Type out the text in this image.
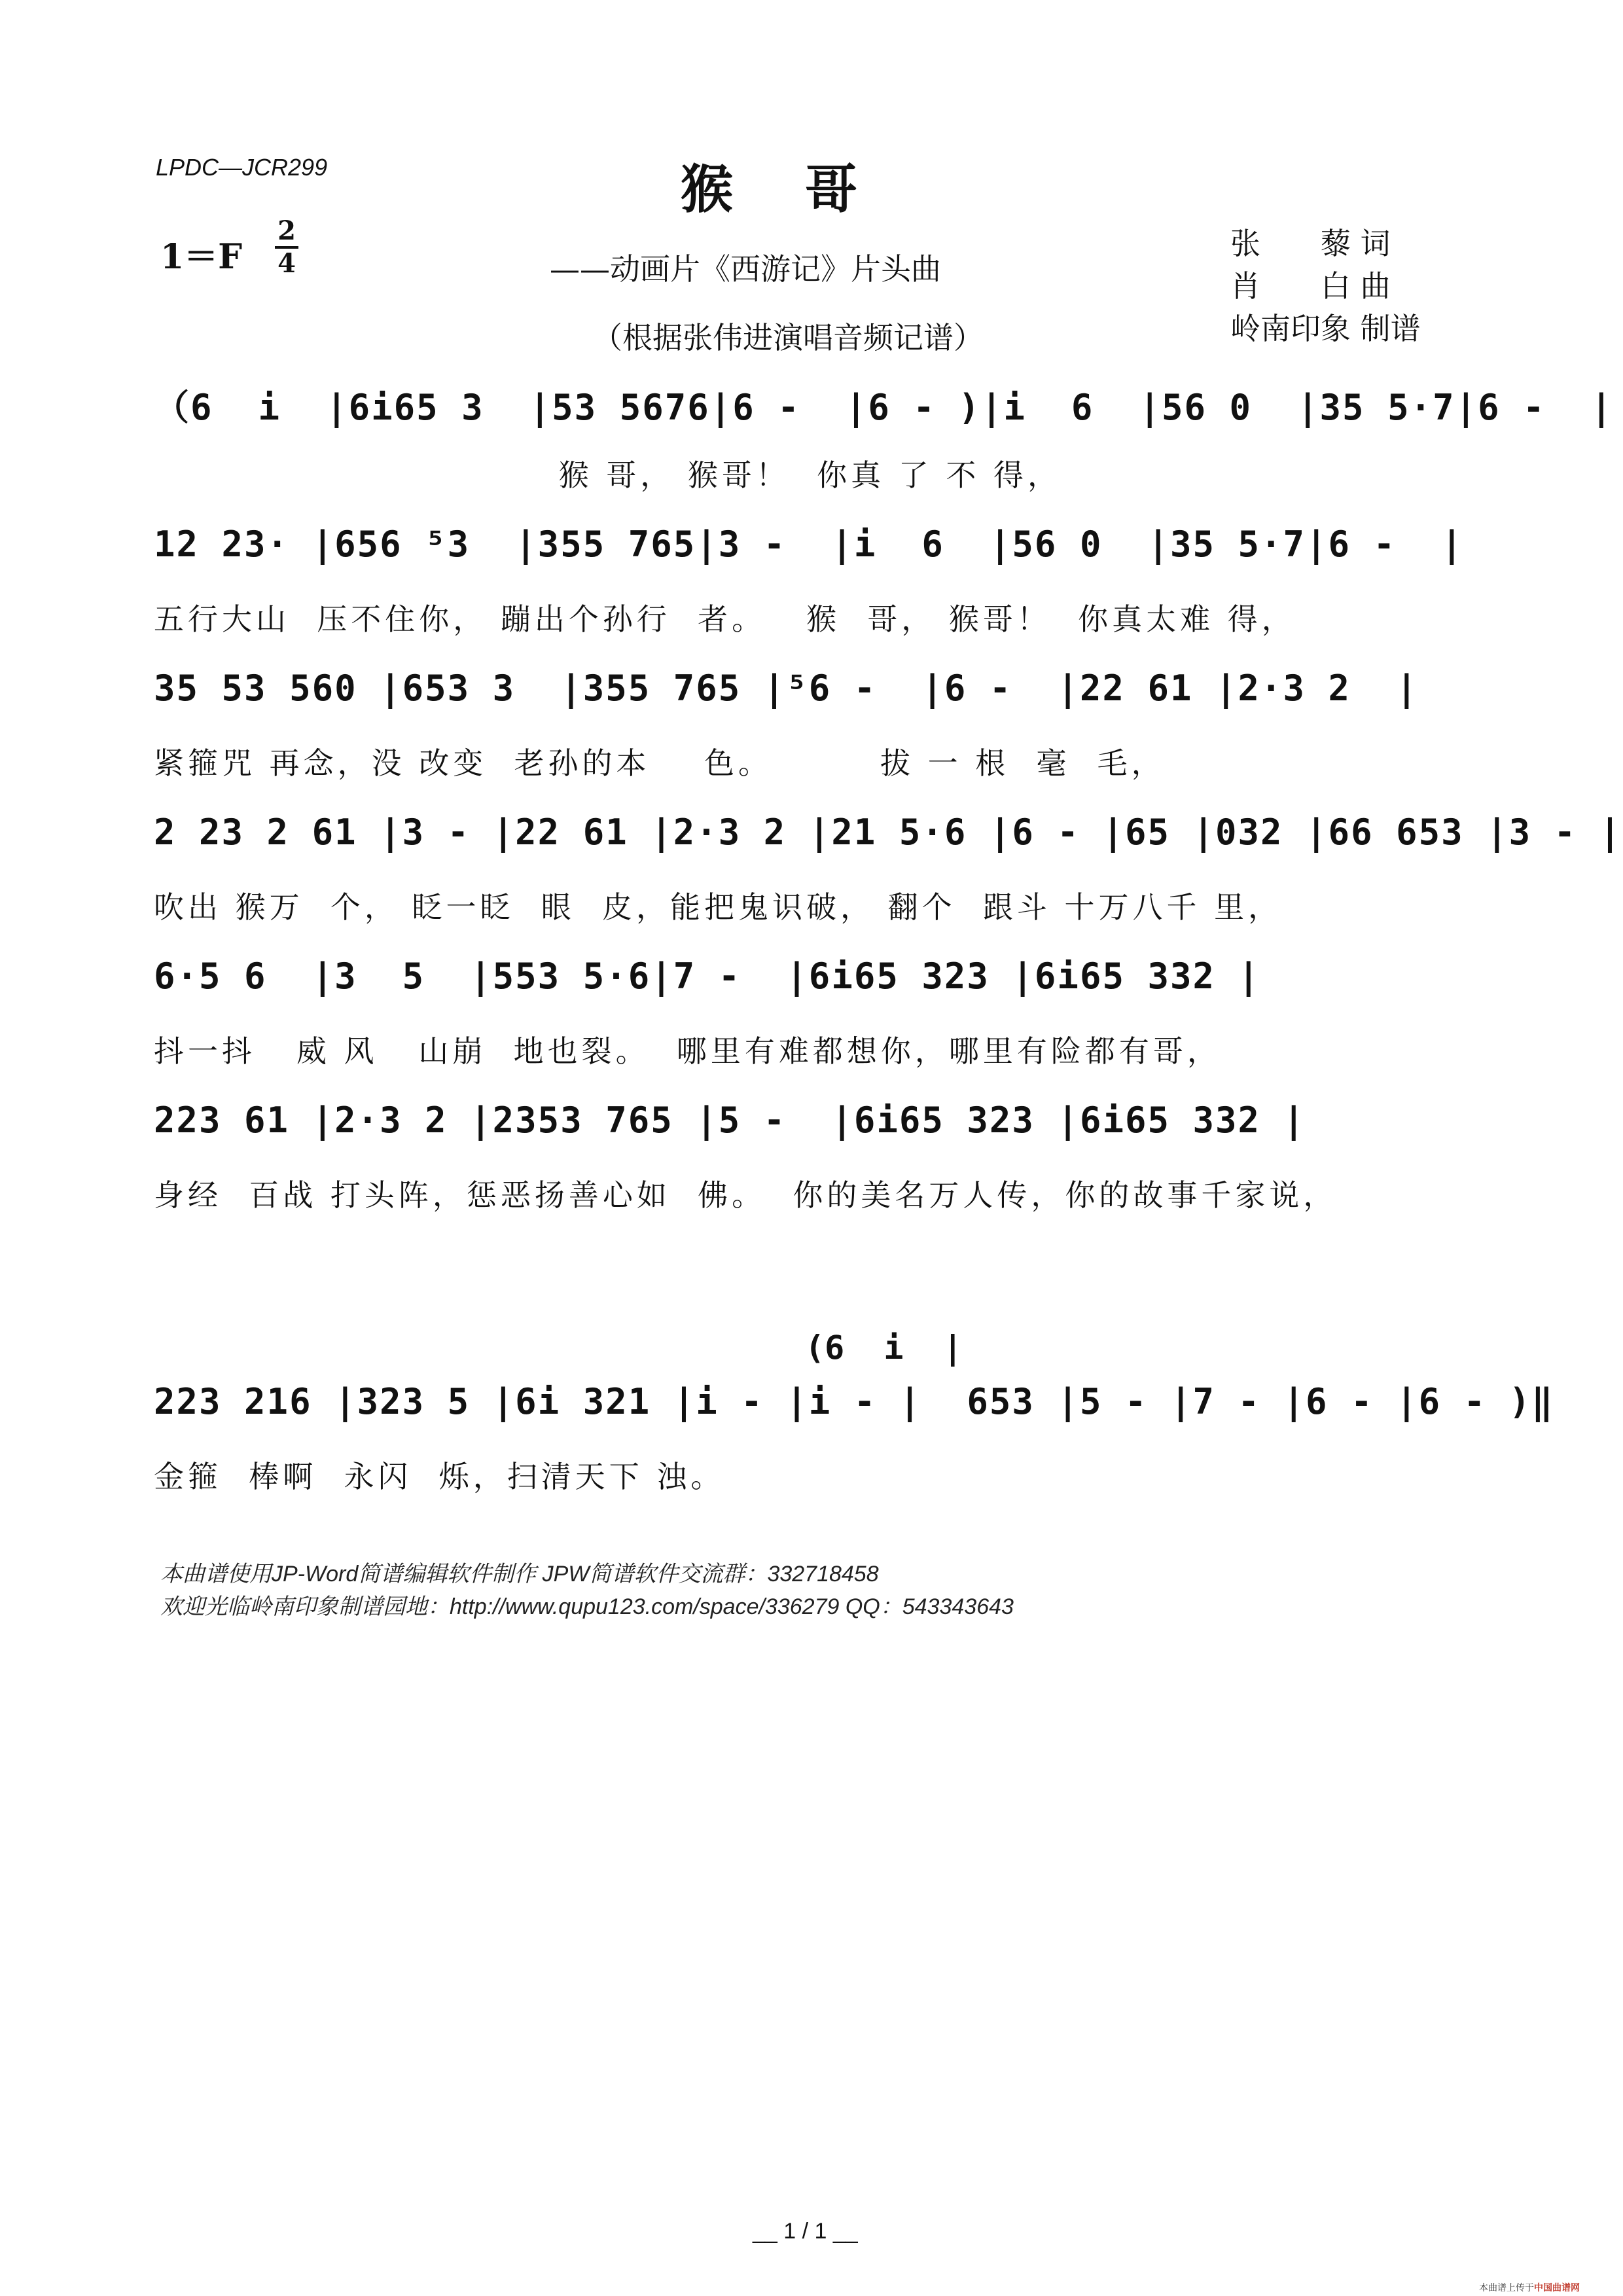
LPDC—JCR299	猴哥
1＝F
2
4	——动画片《西游记》片头曲
（根据张伟进演唱音频记谱）
张　　藜 词
肖　　白 曲
岭南印象 制谱
（6  i  |6i65 3  |53 5676|6 -  |6 - )|i  6  |56 0  |35 5·7|6 -  |
猴 哥， 猴哥！  你真 了 不 得，
12 23· |656 ⁵3  |355 765|3 -  |i  6  |56 0  |35 5·7|6 -  |
五行大山  压不住你， 蹦出个孙行  者。   猴  哥， 猴哥！  你真太难 得，
35 53 560 |653 3  |355 765 |⁵6 -  |6 -  |22 61 |2·3 2  |
紧箍咒 再念，没 改变  老孙的本    色。        拔 一 根  毫  毛，
2 23 2 61 |3 - |22 61 |2·3 2 |21 5·6 |6 - |65 |032 |66 653 |3 - |
吹出 猴万  个， 眨一眨  眼  皮，能把鬼识破， 翻个  跟斗 十万八千 里，
6·5 6  |3  5  |553 5·6|7 -  |6i65 323 |6i65 332 |
抖一抖   威 风   山崩  地也裂。  哪里有难都想你，哪里有险都有哥，
223 61 |2·3 2 |2353 765 |5 -  |6i65 323 |6i65 332 |
身经  百战 打头阵，惩恶扬善心如  佛。  你的美名万人传，你的故事千家说，
223 216 |323 5 |6i 321 |i - |i - |  653 |5 - |7 - |6 - |6 - )‖
金箍  棒啊  永闪  烁，扫清天下 浊。
(6  i  |
本曲谱使用JP-Word简谱编辑软件制作 JPW简谱软件交流群：332718458
欢迎光临岭南印象制谱园地：http://www.qupu123.com/space/336279 QQ：543343643
__ 1 / 1 __
本曲谱上传于中国曲谱网
